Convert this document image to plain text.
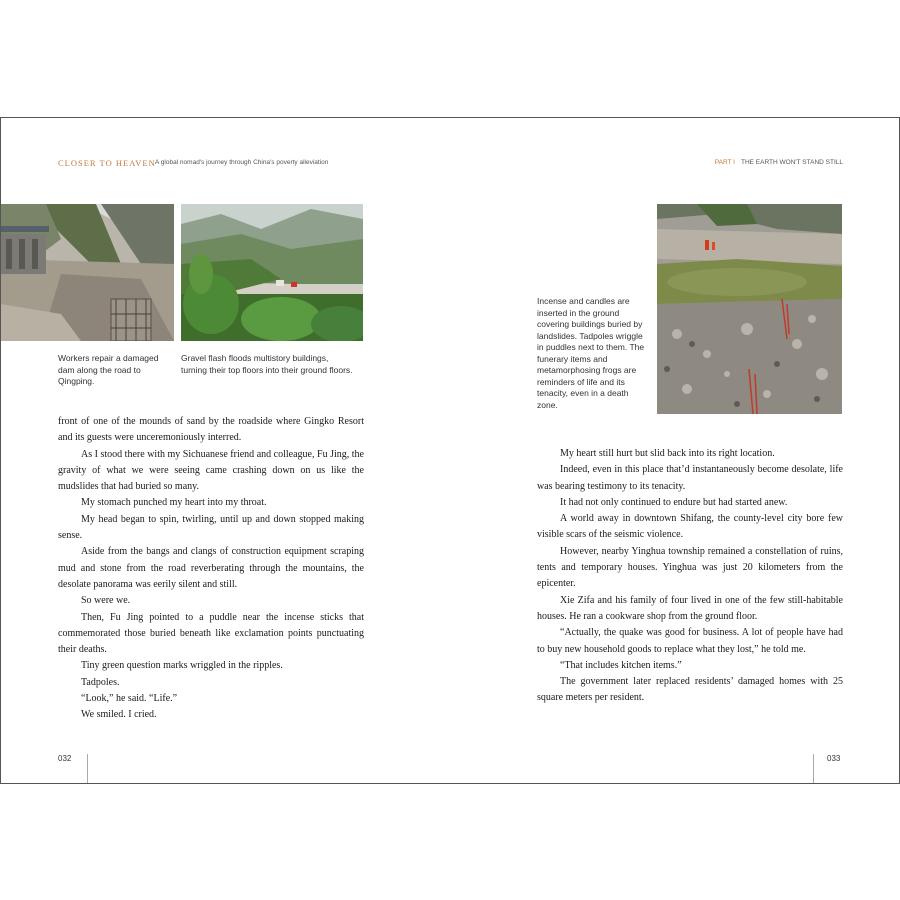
CLOSER TO HEAVEN A global nomad's journey through China's poverty alleviation	PART I THE EARTH WON'T STAND STILL
Workers repair a damaged dam along the road to Qingping.
Gravel flash floods multistory buildings, turning their top floors into their ground floors.

front of one of the mounds of sand by the roadside where Gingko Resort and its guests were unceremoniously interred.

As I stood there with my Sichuanese friend and colleague, Fu Jing, the gravity of what we were seeing came crashing down on us like the mudslides that had buried so many.

My stomach punched my heart into my throat.

My head began to spin, twirling, until up and down stopped making sense.

Aside from the bangs and clangs of construction equipment scraping mud and stone from the road reverberating through the mountains, the desolate panorama was eerily silent and still.

So were we.

Then, Fu Jing pointed to a puddle near the incense sticks that commemorated those buried beneath like exclamation points punctuating their deaths.

Tiny green question marks wriggled in the ripples.

Tadpoles.

“Look,” he said. “Life.”

We smiled. I cried.

Incense and candles are inserted in the ground covering buildings buried by landslides. Tadpoles wriggle in puddles next to them. The funerary items and metamorphosing frogs are reminders of life and its tenacity, even in a death zone.

My heart still hurt but slid back into its right location.

Indeed, even in this place that’d instantaneously become desolate, life was bearing testimony to its tenacity.

It had not only continued to endure but had started anew.

A world away in downtown Shifang, the county-level city bore few visible scars of the seismic violence.

However, nearby Yinghua township remained a constellation of ruins, tents and temporary houses. Yinghua was just 20 kilometers from the epicenter.

Xie Zifa and his family of four lived in one of the few still-habitable houses. He ran a cookware shop from the ground floor.

“Actually, the quake was good for business. A lot of people have had to buy new household goods to replace what they lost,” he told me.

“That includes kitchen items.”

The government later replaced residents’ damaged homes with 25 square meters per resident.

032	033
